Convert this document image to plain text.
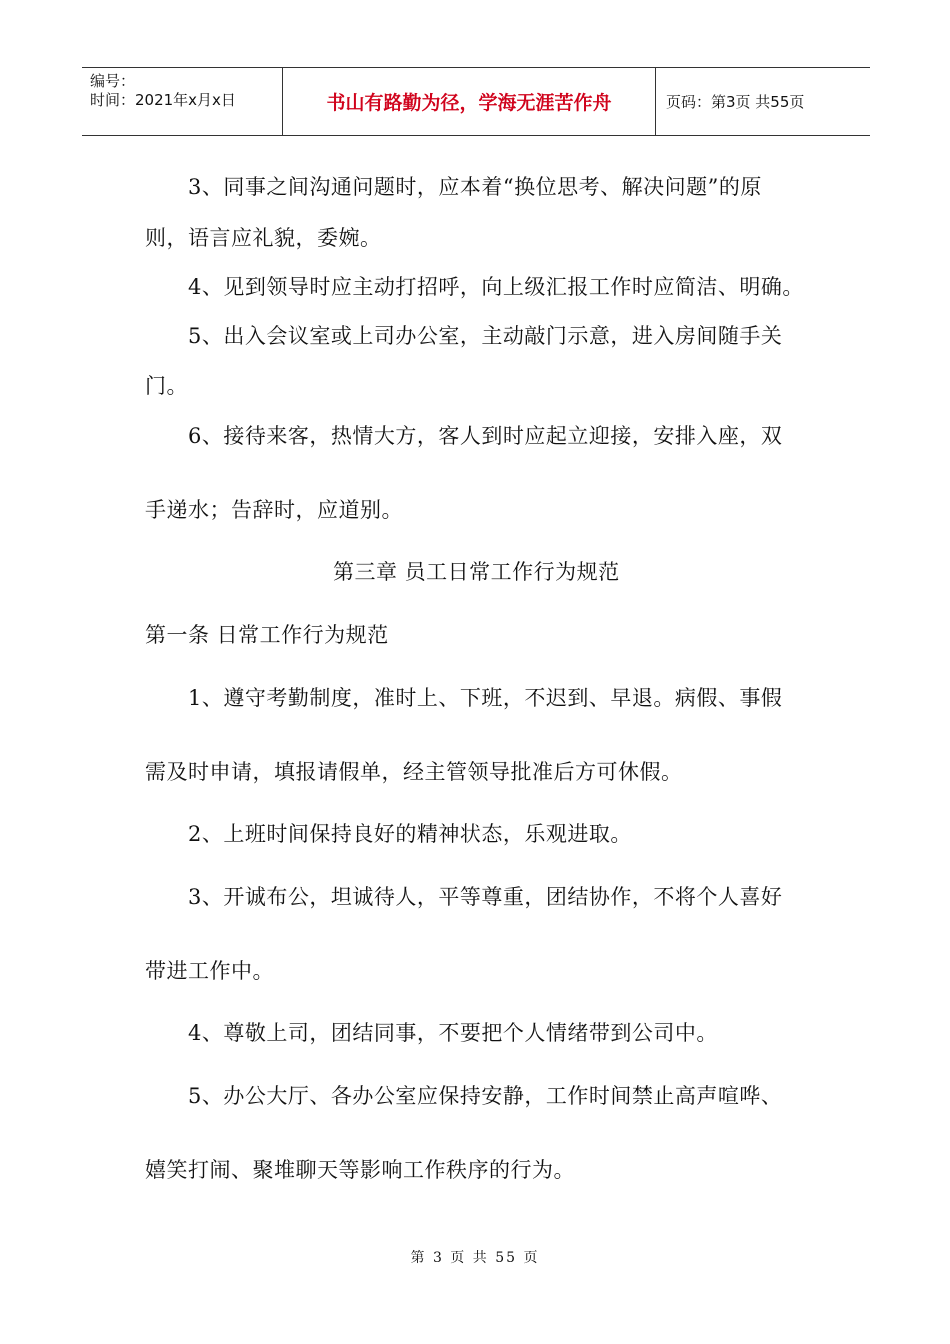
编号：
时间：2021年x月x日	书山有路勤为径，学海无涯苦作舟	页码：第3页 共55页
3、同事之间沟通问题时，应本着“换位思考、解决问题”的原
则，语言应礼貌，委婉。
4、见到领导时应主动打招呼，向上级汇报工作时应简洁、明确。
5、出入会议室或上司办公室，主动敲门示意，进入房间随手关
门。
6、接待来客，热情大方，客人到时应起立迎接，安排入座，双
手递水；告辞时，应道别。
第三章 员工日常工作行为规范
第一条 日常工作行为规范
1、遵守考勤制度，准时上、下班，不迟到、早退。病假、事假
需及时申请，填报请假单，经主管领导批准后方可休假。
2、上班时间保持良好的精神状态，乐观进取。
3、开诚布公，坦诚待人，平等尊重，团结协作，不将个人喜好
带进工作中。
4、尊敬上司，团结同事，不要把个人情绪带到公司中。
5、办公大厅、各办公室应保持安静，工作时间禁止高声喧哗、
嬉笑打闹、聚堆聊天等影响工作秩序的行为。
第 3 页 共 55 页
